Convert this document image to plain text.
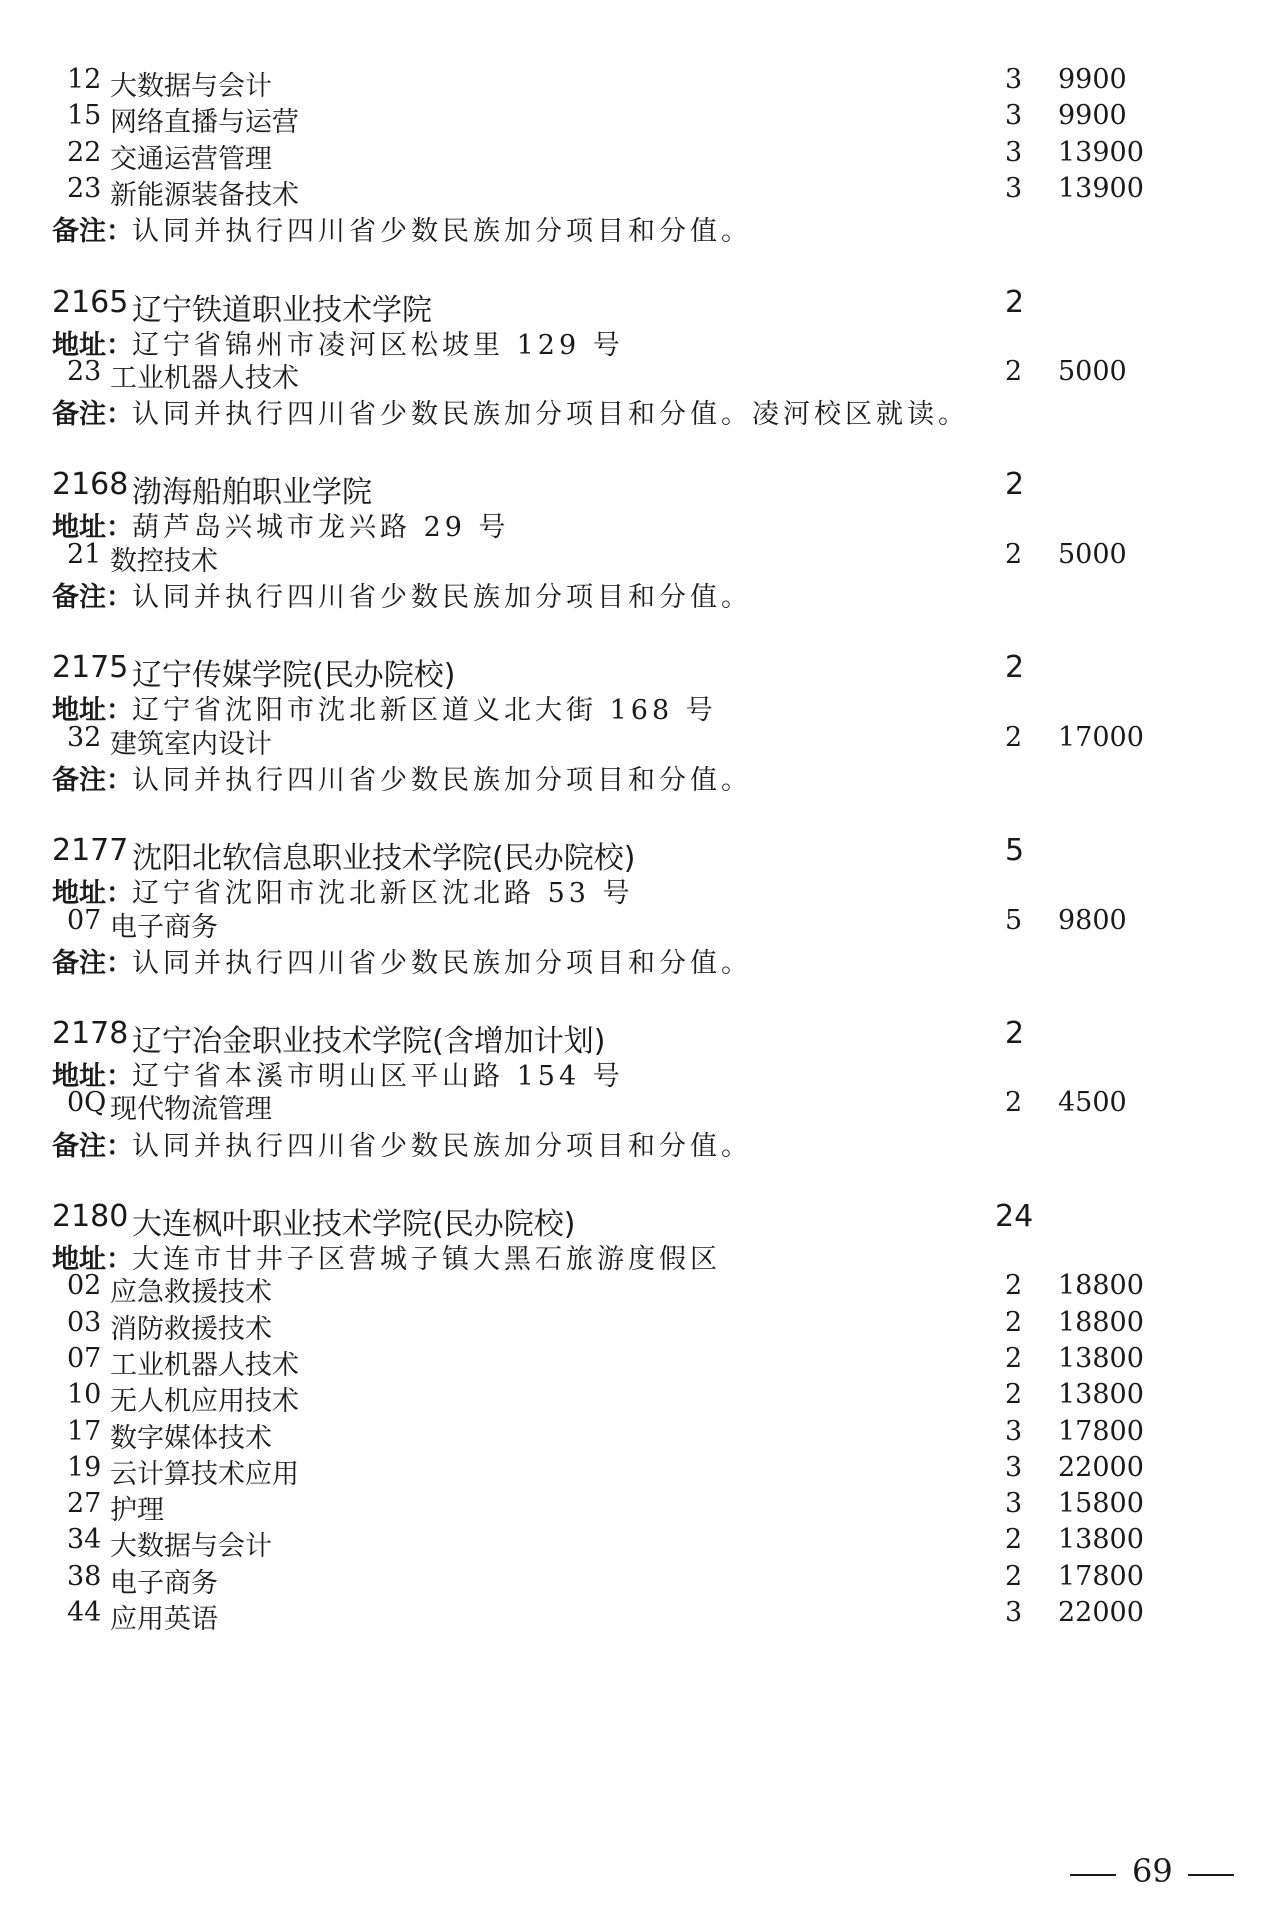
12 大数据与会计	3 9900
15 网络直播与运营	3 9900
22 交通运营管理	3 13900
23 新能源装备技术	3 13900
备注： 认同并执行四川省少数民族加分项目和分值。
2165 辽宁铁道职业技术学院	2
地址： 辽宁省锦州市凌河区松坡里 129 号
23 工业机器人技术	2 5000
备注： 认同并执行四川省少数民族加分项目和分值。凌河校区就读。
2168 渤海船舶职业学院	2
地址： 葫芦岛兴城市龙兴路 29 号
21 数控技术	2 5000
备注： 认同并执行四川省少数民族加分项目和分值。
2175 辽宁传媒学院(民办院校)	2
地址： 辽宁省沈阳市沈北新区道义北大街 168 号
32 建筑室内设计	2 17000
备注： 认同并执行四川省少数民族加分项目和分值。
2177 沈阳北软信息职业技术学院(民办院校)	5
地址： 辽宁省沈阳市沈北新区沈北路 53 号
07 电子商务	5 9800
备注： 认同并执行四川省少数民族加分项目和分值。
2178 辽宁冶金职业技术学院(含增加计划)	2
地址： 辽宁省本溪市明山区平山路 154 号
0Q 现代物流管理	2 4500
备注： 认同并执行四川省少数民族加分项目和分值。
2180 大连枫叶职业技术学院(民办院校)	24
地址： 大连市甘井子区营城子镇大黑石旅游度假区
02 应急救援技术	2 18800
03 消防救援技术	2 18800
07 工业机器人技术	2 13800
10 无人机应用技术	2 13800
17 数字媒体技术	3 17800
19 云计算技术应用	3 22000
27 护理	3 15800
34 大数据与会计	2 13800
38 电子商务	2 17800
44 应用英语	3 22000
69
